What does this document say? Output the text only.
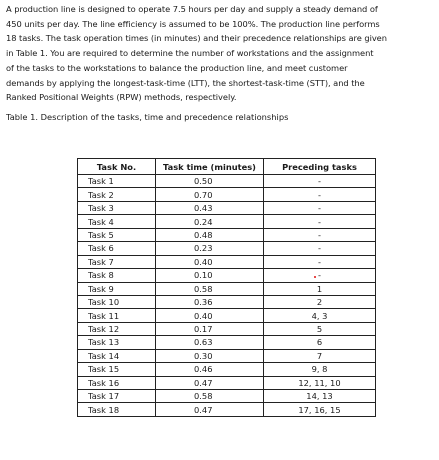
A production line is designed to operate 7.5 hours per day and supply a steady demand of
450 units per day. The line efficiency is assumed to be 100%. The production line performs
18 tasks. The task operation times (in minutes) and their precedence relationships are given
in Table 1. You are required to determine the number of workstations and the assignment
of the tasks to the workstations to balance the production line, and meet customer
demands by applying the longest-task-time (LTT), the shortest-task-time (STT), and the
Ranked Positional Weights (RPW) methods, respectively.
Table 1. Description of the tasks, time and precedence relationships
Task No.	Task time (minutes)	Preceding tasks
Task 1	0.50	-
Task 2	0.70	-
Task 3	0.43	-
Task 4	0.24	-
Task 5	0.48	-
Task 6	0.23	-
Task 7	0.40	-
Task 8	0.10	-
Task 9	0.58	1
Task 10	0.36	2
Task 11	0.40	4, 3
Task 12	0.17	5
Task 13	0.63	6
Task 14	0.30	7
Task 15	0.46	9, 8
Task 16	0.47	12, 11, 10
Task 17	0.58	14, 13
Task 18	0.47	17, 16, 15
